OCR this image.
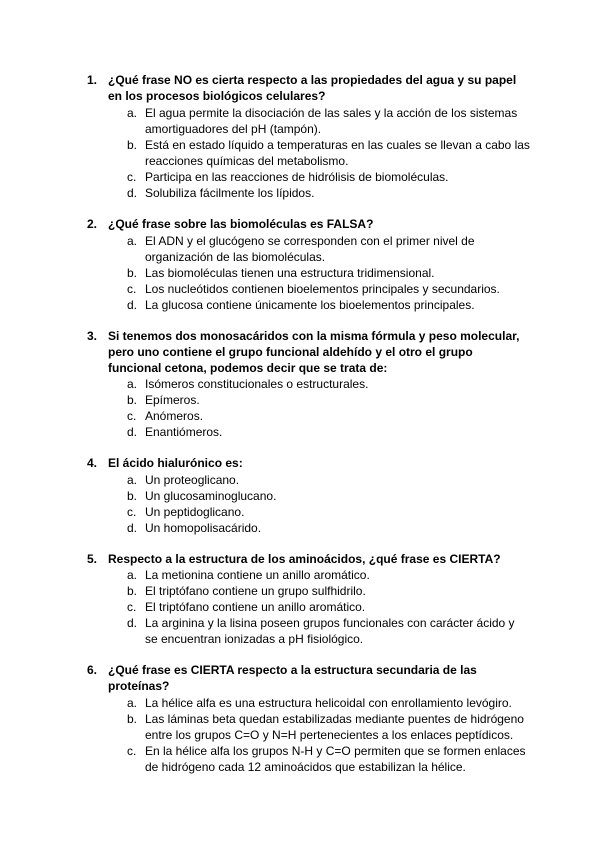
1. ¿Qué frase NO es cierta respecto a las propiedades del agua y su papel en los procesos biológicos celulares?
a. El agua permite la disociación de las sales y la acción de los sistemas amortiguadores del pH (tampón).
b. Está en estado líquido a temperaturas en las cuales se llevan a cabo las reacciones químicas del metabolismo.
c. Participa en las reacciones de hidrólisis de biomoléculas.
d. Solubiliza fácilmente los lípidos.
2. ¿Qué frase sobre las biomoléculas es FALSA?
a. El ADN y el glucógeno se corresponden con el primer nivel de organización de las biomoléculas.
b. Las biomoléculas tienen una estructura tridimensional.
c. Los nucleótidos contienen bioelementos principales y secundarios.
d. La glucosa contiene únicamente los bioelementos principales.
3. Si tenemos dos monosacáridos con la misma fórmula y peso molecular, pero uno contiene el grupo funcional aldehído y el otro el grupo funcional cetona, podemos decir que se trata de:
a. Isómeros constitucionales o estructurales.
b. Epímeros.
c. Anómeros.
d. Enantiómeros.
4. El ácido hialurónico es:
a. Un proteoglicano.
b. Un glucosaminoglucano.
c. Un peptidoglicano.
d. Un homopolisacárido.
5. Respecto a la estructura de los aminoácidos, ¿qué frase es CIERTA?
a. La metionina contiene un anillo aromático.
b. El triptófano contiene un grupo sulfhidrilo.
c. El triptófano contiene un anillo aromático.
d. La arginina y la lisina poseen grupos funcionales con carácter ácido y se encuentran ionizadas a pH fisiológico.
6. ¿Qué frase es CIERTA respecto a la estructura secundaria de las proteínas?
a. La hélice alfa es una estructura helicoidal con enrollamiento levógiro.
b. Las láminas beta quedan estabilizadas mediante puentes de hidrógeno entre los grupos C=O y N=H pertenecientes a los enlaces peptídicos.
c. En la hélice alfa los grupos N-H y C=O permiten que se formen enlaces de hidrógeno cada 12 aminoácidos que estabilizan la hélice.
